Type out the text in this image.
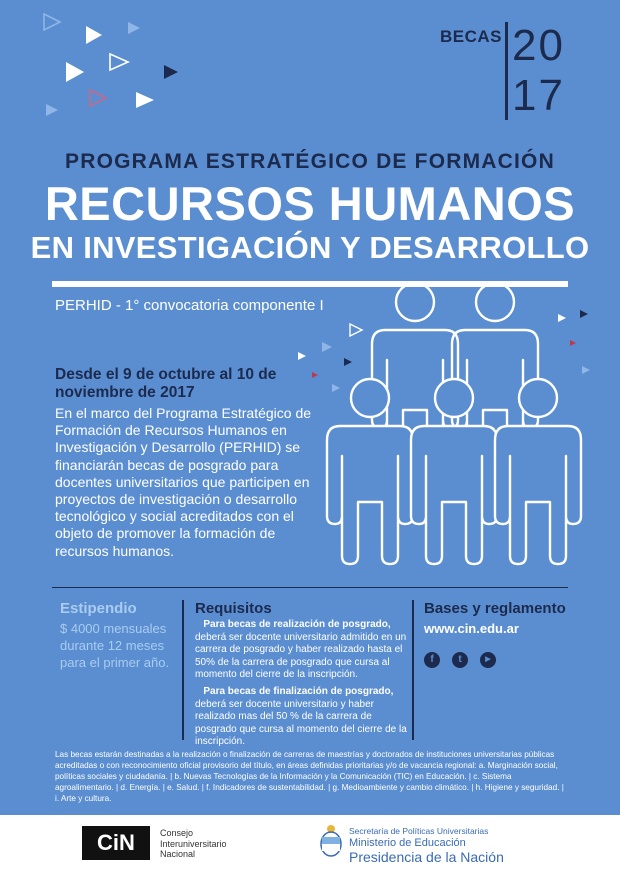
BECAS 20
17
PROGRAMA ESTRATÉGICO DE FORMACIÓN
RECURSOS HUMANOS
EN INVESTIGACIÓN Y DESARROLLO
PERHID - 1° convocatoria componente I
Desde el 9 de octubre al 10 de noviembre de 2017
En el marco del Programa Estratégico de Formación de Recursos Humanos en Investigación y Desarrollo (PERHID) se financiarán becas de posgrado para docentes universitarios que participen en proyectos de investigación o desarrollo tecnológico y social acreditados con el objeto de promover la formación de recursos humanos.
Estipendio
$ 4000 mensuales durante 12 meses para el primer año.
Requisitos

Para becas de realización de posgrado, deberá ser docente universitario admitido en un carrera de posgrado y haber realizado hasta el 50% de la carrera de posgrado que cursa al momento del cierre de la inscripción.

Para becas de finalización de posgrado, deberá ser docente universitario y haber realizado mas del 50 % de la carrera de posgrado que cursa al momento del cierre de la inscripción.

Bases y reglamento
www.cin.edu.ar
f	t	▶
Las becas estarán destinadas a la realización o finalización de carreras de maestrías y doctorados de instituciones universitarias públicas acreditadas o con reconocimiento oficial provisorio del título, en áreas definidas prioritarias y/o de vacancia regional: a. Marginación social, políticas sociales y ciudadanía. | b. Nuevas Tecnologías de la Información y la Comunicación (TIC) en Educación. | c. Sistema agroalimentario. | d. Energía. | e. Salud. | f. Indicadores de sustentabilidad. | g. Medioambiente y cambio climático. | h. Higiene y seguridad. | i. Arte y cultura.
CiN	Consejo
Interuniversitario
Nacional
Secretaría de Políticas Universitarias
Ministerio de Educación
Presidencia de la Nación
